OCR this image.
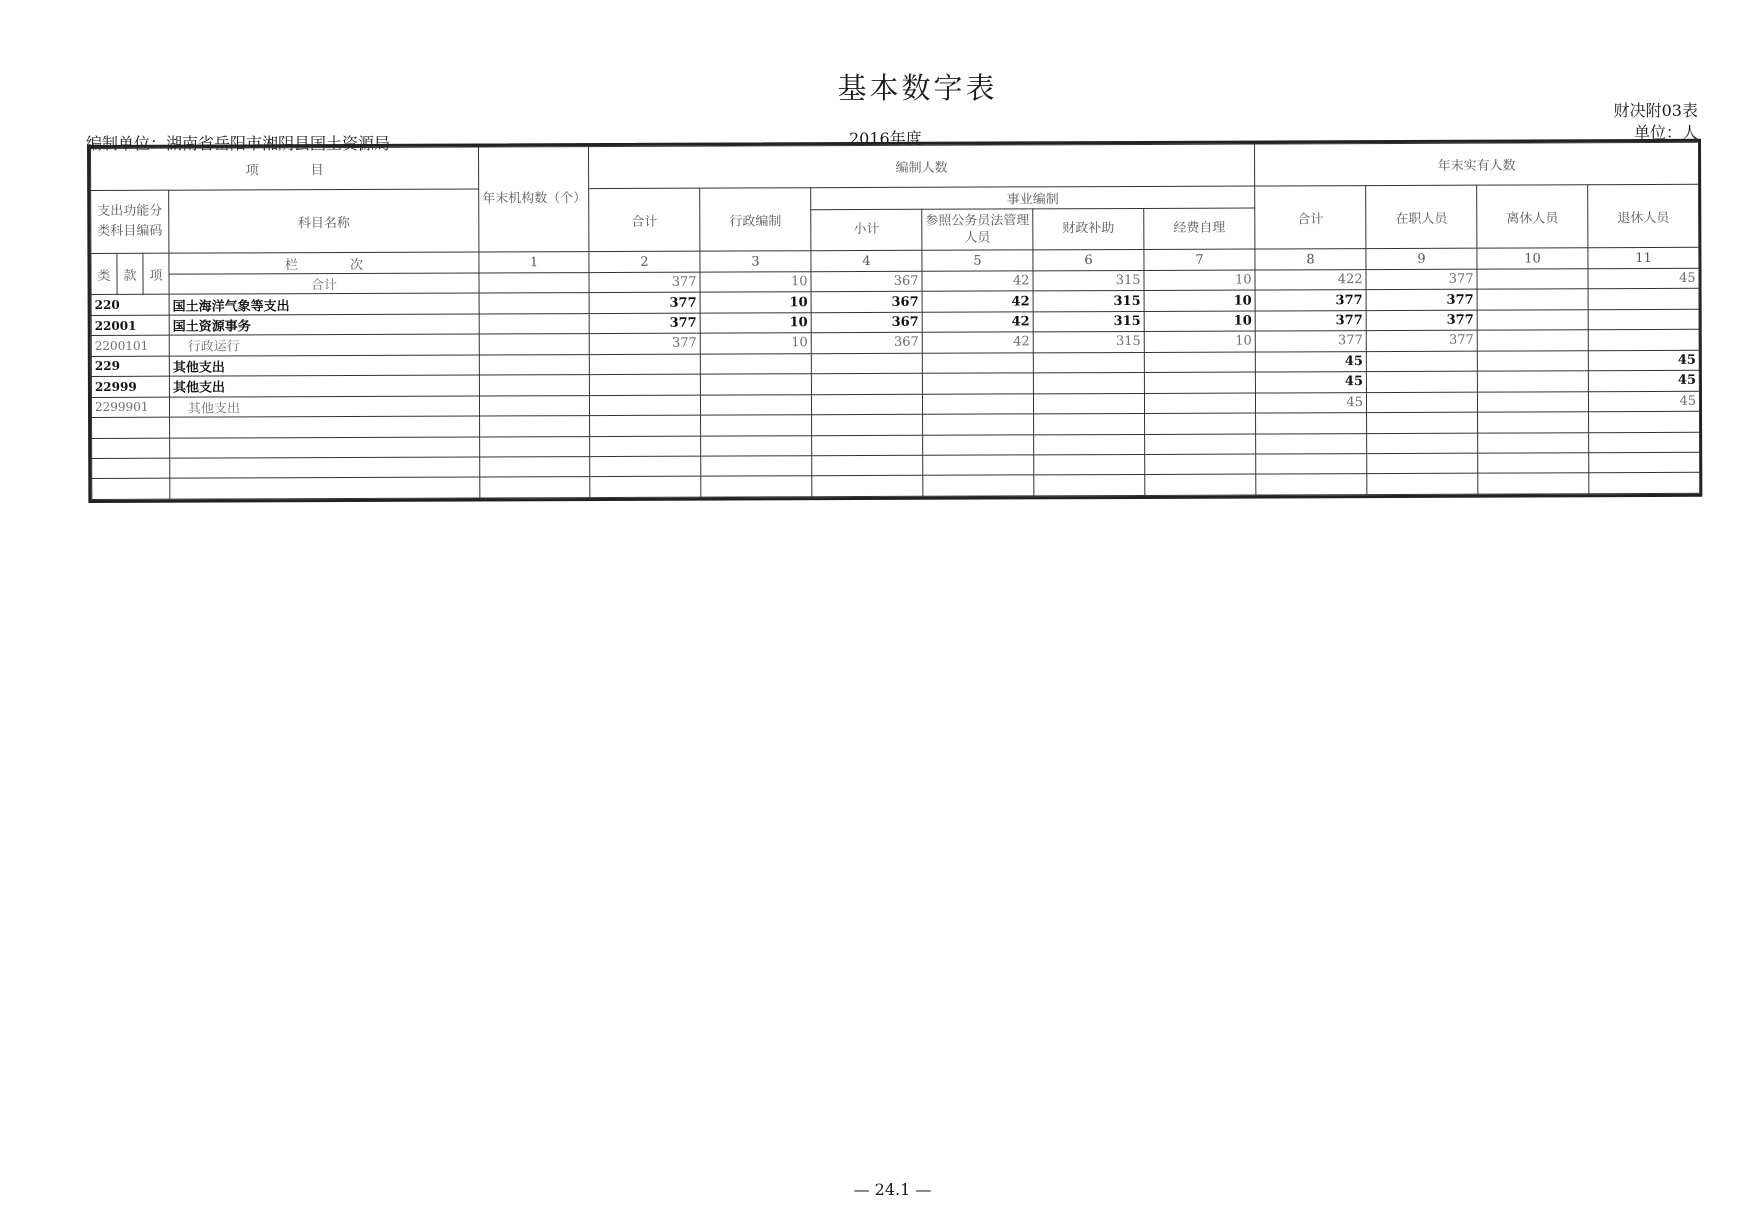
基本数字表
财决附03表
单位：人
编制单位：湖南省岳阳市湘阴县国土资源局	2016年度
项　　　　目				年末机构数（个）	编制人数						年末实有人数			
支出功能分类科目编码			科目名称		合计	行政编制	事业编制				合计	在职人员	离休人员	退休人员
							小计	参照公务员法管理人员	财政补助	经费自理				
类	款	项	栏　　　　次	1	2	3	4	5	6	7	8	9	10	11
			合计		377	10	367	42	315	10	422	377		45
220			国土海洋气象等支出		377	10	367	42	315	10	377	377		
22001			国土资源事务		377	10	367	42	315	10	377	377		
2200101			行政运行		377	10	367	42	315	10	377	377		
229			其他支出								45			45
22999			其他支出								45			45
2299901			其他支出								45			45

— 24.1 —
